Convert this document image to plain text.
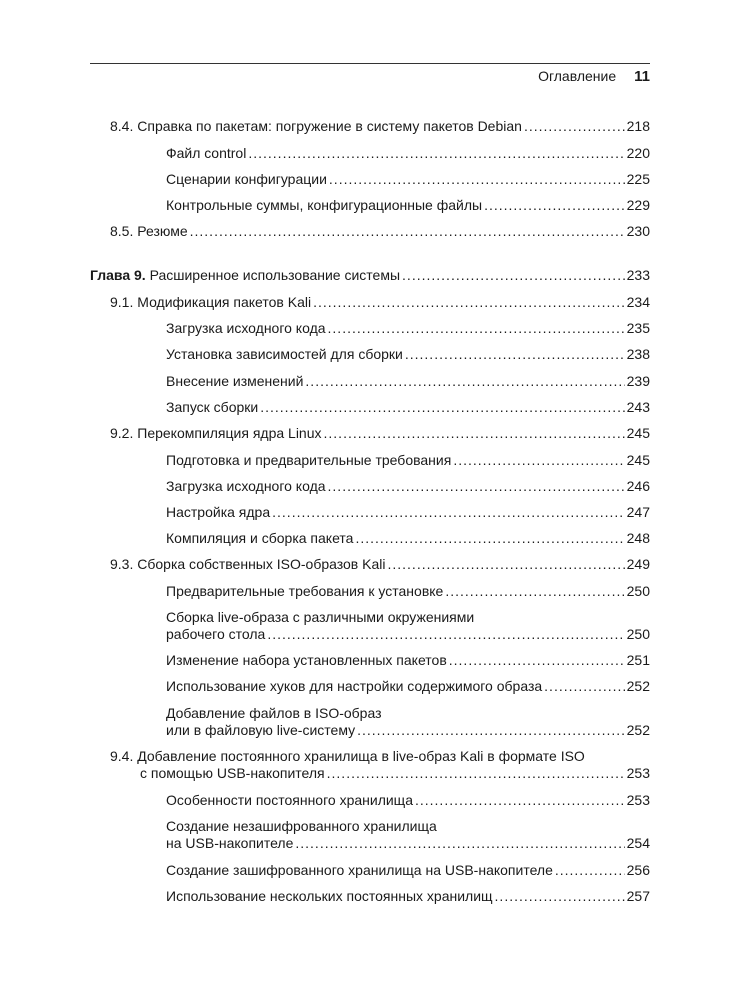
Оглавление 11
8.4. Справка по пакетам: погружение в систему пакетов Debian .....	218
Файл control .....	220
Сценарии конфигурации .....	225
Контрольные суммы, конфигурационные файлы .....	229
8.5. Резюме .....	230
Глава 9. Расширенное использование системы .....	233
9.1. Модификация пакетов Kali .....	234
Загрузка исходного кода .....	235
Установка зависимостей для сборки .....	238
Внесение изменений .....	239
Запуск сборки .....	243
9.2. Перекомпиляция ядра Linux .....	245
Подготовка и предварительные требования .....	245
Загрузка исходного кода .....	246
Настройка ядра .....	247
Компиляция и сборка пакета .....	248
9.3. Сборка собственных ISO-образов Kali .....	249
Предварительные требования к установке .....	250
Сборка live-образа с различными окружениями
рабочего стола .....	250
Изменение набора установленных пакетов .....	251
Использование хуков для настройки содержимого образа .....	252
Добавление файлов в ISO-образ
или в файловую live-систему .....	252
9.4. Добавление постоянного хранилища в live-образ Kali в формате ISO
с помощью USB-накопителя .....	253
Особенности постоянного хранилища .....	253
Создание незашифрованного хранилища
на USB-накопителе .....	254
Создание зашифрованного хранилища на USB-накопителе .....	256
Использование нескольких постоянных хранилищ .....	257
